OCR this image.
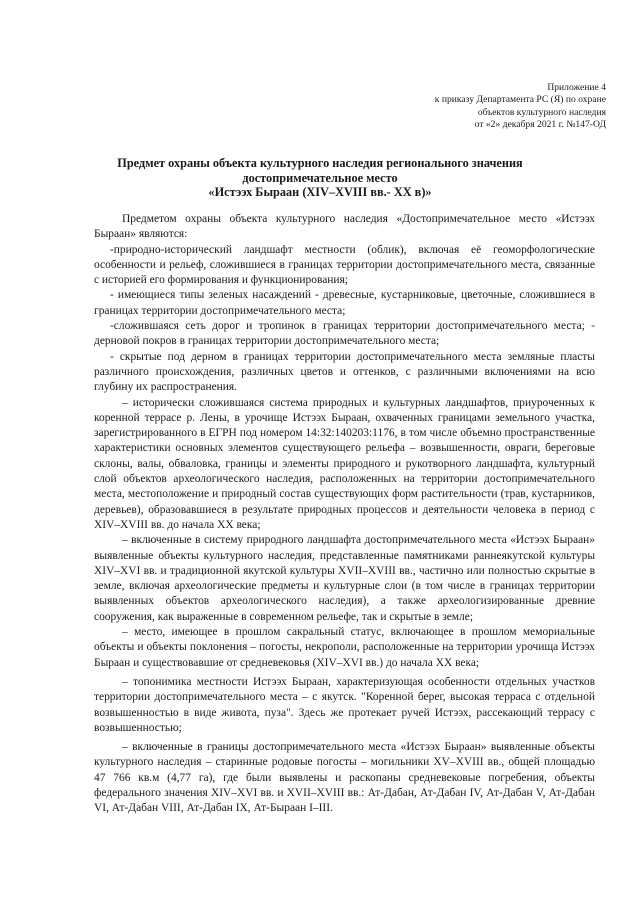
Приложение 4
к приказу Департамента РС (Я) по охране
объектов культурного наследия
от «2» декабря 2021 г. №147-ОД
Предмет охраны объекта культурного наследия регионального значения
достопримечательное место
«Истээх Быраан (XIV–XVIII вв.- XX в)»

Предметом охраны объекта культурного наследия «Достопримечательное место «Истээх Быраан» являются:

-природно-исторический ландшафт местности (облик), включая её геоморфологические особенности и рельеф, сложившиеся в границах территории достопримечательного места, связанные с историей его формирования и функционирования;

- имеющиеся типы зеленых насаждений - древесные, кустарниковые, цветочные, сложившиеся в границах территории достопримечательного места;

-сложившаяся сеть дорог и тропинок в границах территории достопримечательного места; - дерновой покров в границах территории достопримечательного места;

- скрытые под дерном в границах территории достопримечательного места земляные пласты различного происхождения, различных цветов и оттенков, с различными включениями на всю глубину их распространения.

– исторически сложившаяся система природных и культурных ландшафтов, приуроченных к коренной террасе р. Лены, в урочище Истээх Быраан, охваченных границами земельного участка, зарегистрированного в ЕГРН под номером 14:32:140203:1176, в том числе объемно пространственные характеристики основных элементов существующего рельефа – возвышенности, овраги, береговые склоны, валы, обваловка, границы и элементы природного и рукотворного ландшафта, культурный слой объектов археологического наследия, расположенных на территории достопримечательного места, местоположение и природный состав существующих форм растительности (трав, кустарников, деревьев), образовавшиеся в результате природных процессов и деятельности человека в период с XIV–XVIII вв. до начала XX века;

– включенные в систему природного ландшафта достопримечательного места «Истээх Быраан» выявленные объекты культурного наследия, представленные памятниками раннеякутской культуры XIV–XVI вв. и традиционной якутской культуры XVII–XVIII вв., частично или полностью скрытые в земле, включая археологические предметы и культурные слои (в том числе в границах территории выявленных объектов археологического наследия), а также археологизированные древние сооружения, как выраженные в современном рельефе, так и скрытые в земле;

– место, имеющее в прошлом сакральный статус, включающее в прошлом мемориальные объекты и объекты поклонения – погосты, некрополи, расположенные на территории урочища Истээх Быраан и существовавшие от средневековья (XIV–XVI вв.) до начала XX века;

– топонимика местности Истээх Быраан, характеризующая особенности отдельных участков территории достопримечательного места – с якутск. "Коренной берег, высокая терраса с отдельной возвышенностью в виде живота, пуза". Здесь же протекает ручей Истээх, рассекающий террасу с возвышенностью;

– включенные в границы достопримечательного места «Истээх Быраан» выявленные объекты культурного наследия – старинные родовые погосты – могильники XV–XVIII вв., общей площадью 47 766 кв.м (4,77 га), где были выявлены и раскопаны средневековые погребения, объекты федерального значения XIV–XVI вв. и XVII–XVIII вв.: Ат-Дабан, Ат-Дабан IV, Ат-Дабан V, Ат-Дабан VI, Ат-Дабан VIII, Ат-Дабан IX, Ат-Быраан I–III.
